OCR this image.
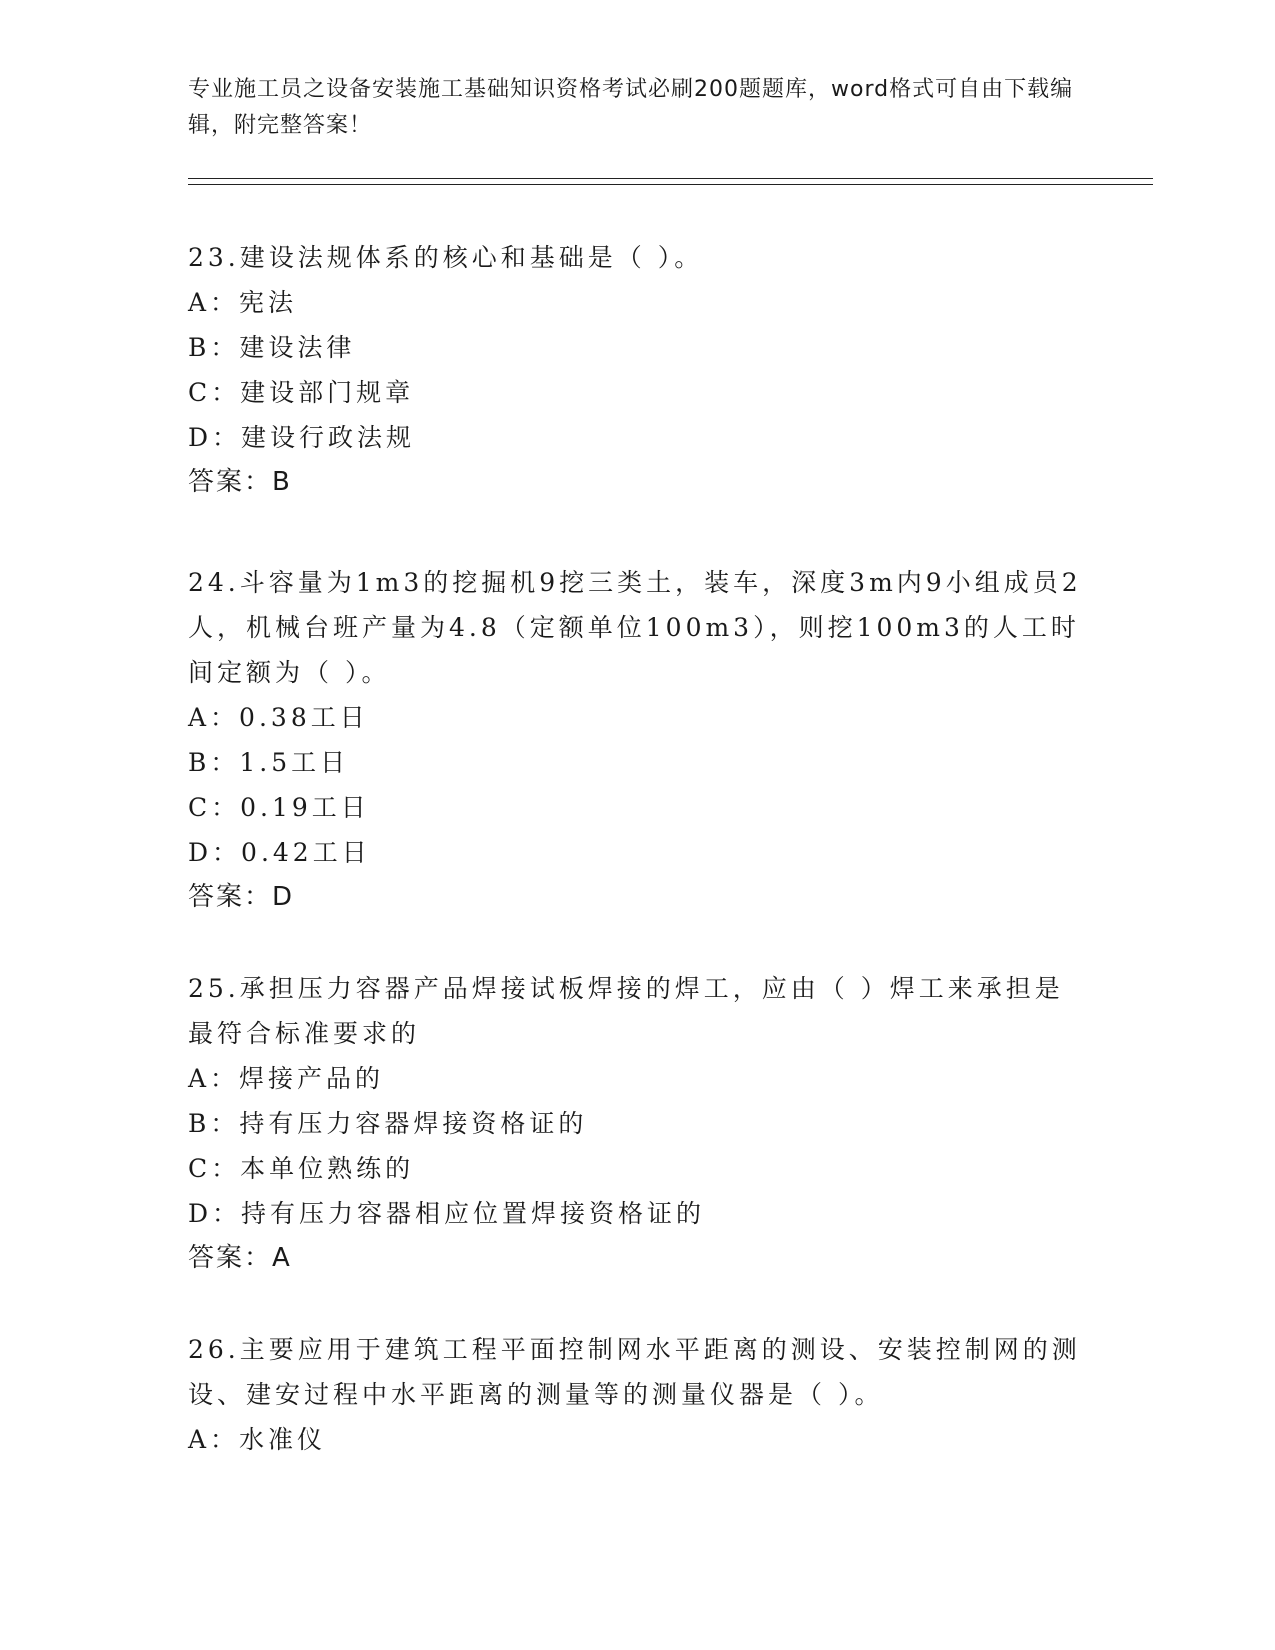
专业施工员之设备安装施工基础知识资格考试必刷200题题库，word格式可自由下载编辑，附完整答案！
23.建设法规体系的核心和基础是（ ）。
A：宪法
B：建设法律
C：建设部门规章
D：建设行政法规
答案：B
24.斗容量为1m3的挖掘机9挖三类土，装车，深度3m内9小组成员2人，机械台班产量为4.8（定额单位100m3），则挖100m3的人工时间定额为（ ）。
A：0.38工日
B：1.5工日
C：0.19工日
D：0.42工日
答案：D
25.承担压力容器产品焊接试板焊接的焊工，应由（ ）焊工来承担是最符合标准要求的
A：焊接产品的
B：持有压力容器焊接资格证的
C：本单位熟练的
D：持有压力容器相应位置焊接资格证的
答案：A
26.主要应用于建筑工程平面控制网水平距离的测设、安装控制网的测设、建安过程中水平距离的测量等的测量仪器是（ ）。
A：水准仪
